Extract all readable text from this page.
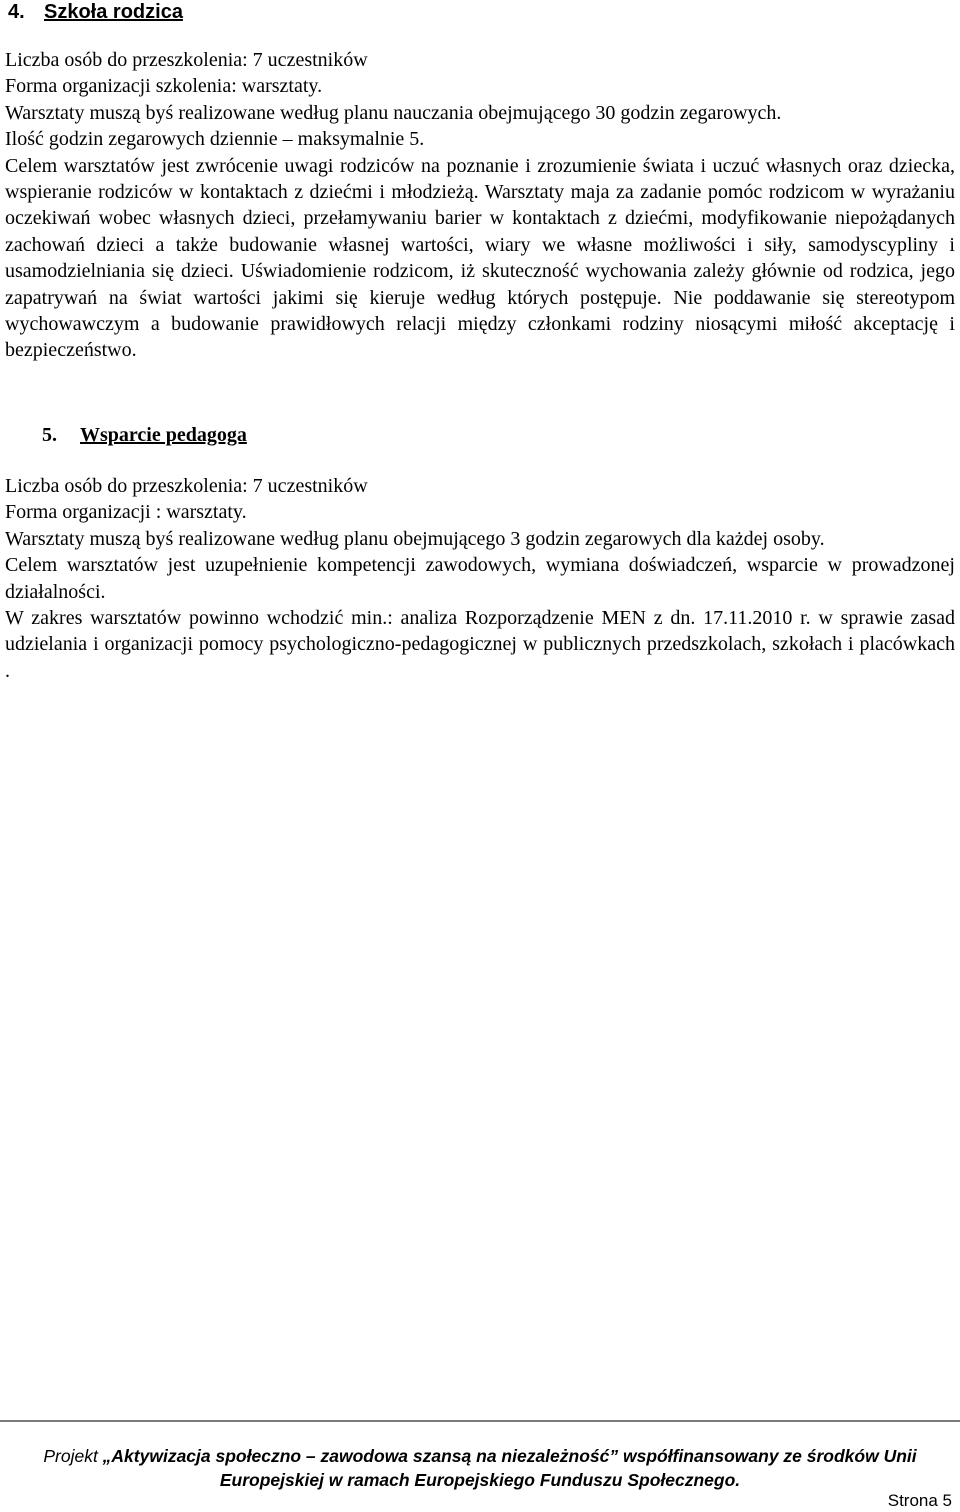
4. Szkoła rodzica
Liczba osób do przeszkolenia: 7 uczestników
Forma organizacji szkolenia: warsztaty.
Warsztaty muszą byś realizowane według planu nauczania obejmującego 30 godzin zegarowych.
Ilość godzin zegarowych dziennie – maksymalnie 5.
Celem warsztatów jest zwrócenie uwagi rodziców na poznanie i zrozumienie świata i uczuć własnych oraz dziecka, wspieranie rodziców w kontaktach z dziećmi i młodzieżą. Warsztaty maja za zadanie pomóc rodzicom w wyrażaniu oczekiwań wobec własnych dzieci, przełamywaniu barier w kontaktach z dziećmi, modyfikowanie niepożądanych zachowań dzieci a także budowanie własnej wartości, wiary we własne możliwości i siły, samodyscypliny i usamodzielniania się dzieci. Uświadomienie rodzicom, iż skuteczność wychowania zależy głównie od rodzica, jego zapatrywań na świat wartości jakimi się kieruje według których postępuje. Nie poddawanie się stereotypom wychowawczym a budowanie prawidłowych relacji między członkami rodziny niosącymi miłość akceptację i bezpieczeństwo.
5. Wsparcie pedagoga
Liczba osób do przeszkolenia: 7 uczestników
Forma organizacji : warsztaty.
Warsztaty muszą byś realizowane według planu obejmującego 3 godzin zegarowych dla każdej osoby.
Celem warsztatów jest uzupełnienie kompetencji zawodowych, wymiana doświadczeń, wsparcie w prowadzonej działalności.
W zakres warsztatów powinno wchodzić min.: analiza Rozporządzenie MEN z dn. 17.11.2010 r. w sprawie zasad udzielania i organizacji pomocy psychologiczno-pedagogicznej w publicznych przedszkolach, szkołach i placówkach .
Projekt „Aktywizacja społeczno – zawodowa szansą na niezależność” współfinansowany ze środków Unii Europejskiej w ramach Europejskiego Funduszu Społecznego.
Strona 5
